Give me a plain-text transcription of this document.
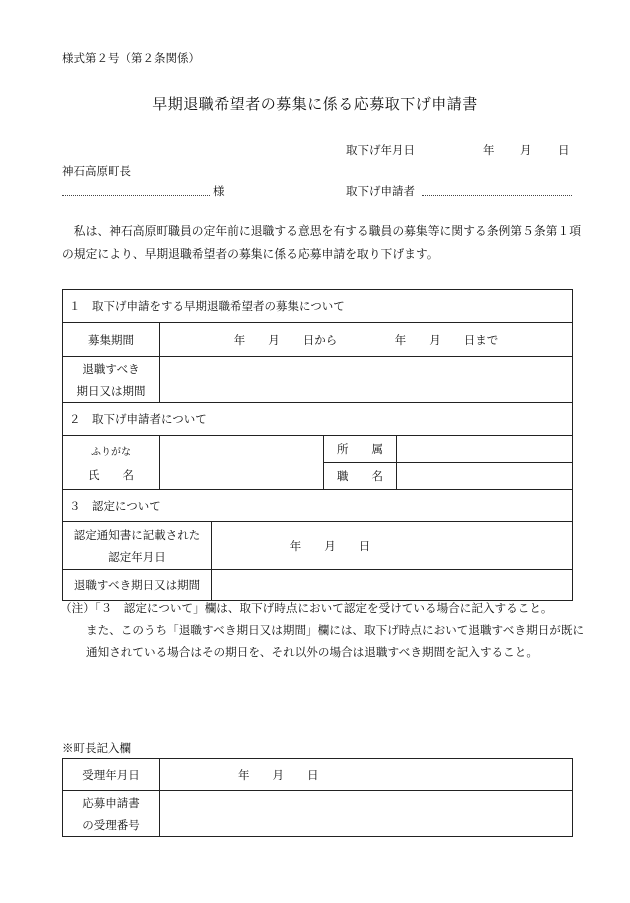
様式第２号（第２条関係）
早期退職希望者の募集に係る応募取下げ申請書
取下げ年月日	年 月 日
神石高原町長
様	取下げ申請者
私は、神石高原町職員の定年前に退職する意思を有する職員の募集等に関する条例第５条第１項の規定により、早期退職希望者の募集に係る応募申請を取り下げます。
１　取下げ申請をする早期退職希望者の募集について				
募集期間	年　　月　　日から　　　　　年　　月　　日まで			
退職すべき
期日又は期間				
２　取下げ申請者について				
ふりがな
氏　　名			所　　属	
			職　　名	
３　認定について				
認定通知書に記載された
認定年月日		年　　月　　日		
退職すべき期日又は期間				
（注）「３　認定について」欄は、取下げ時点において認定を受けている場合に記入すること。
また、このうち「退職すべき期日又は期間」欄には、取下げ時点において退職すべき期日が既に通知されている場合はその期日を、それ以外の場合は退職すべき期間を記入すること。
※町長記入欄
受理年月日	年　　月　　日
応募申請書
の受理番号	
